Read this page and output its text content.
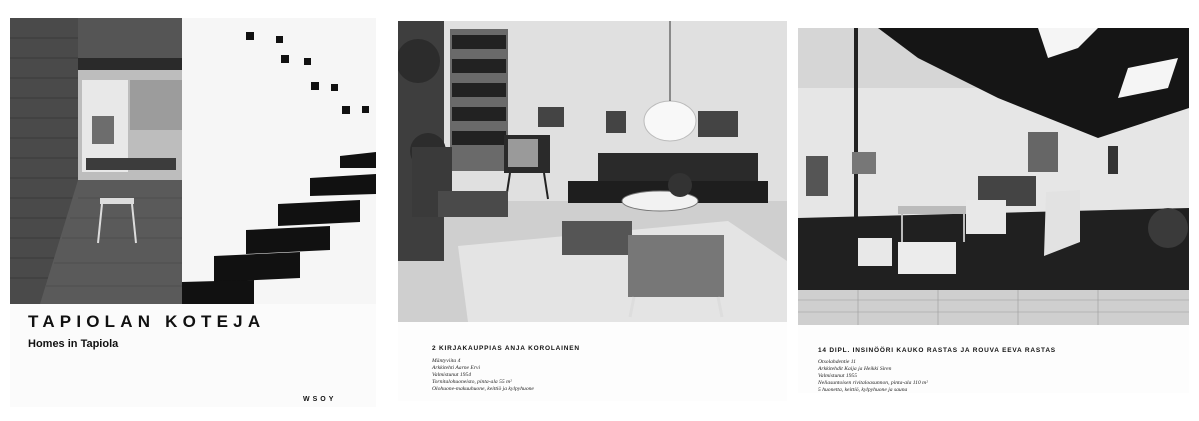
TAPIOLAN KOTEJA
Homes in Tapiola
WSOY
2 KIRJAKAUPPIAS ANJA KOROLAINEN
Mäntyviita 4
Arkkitehti Aarne Ervi
Valmistunut 1954
Tornitalohuoneisto, pinta-ala 55 m²
Olohuone-makuuhuone, keittiö ja kylpyhuone
14 DIPL. INSINÖÖRI KAUKO RASTAS JA ROUVA EEVA RASTAS
Otsolahdentie 11
Arkkitehdit Kaija ja Heikki Siren
Valmistunut 1955
Neliasuntoisen rivitaloasunnon, pinta-ala 110 m²
5 huonetta, keittiö, kylpyhuone ja sauna
